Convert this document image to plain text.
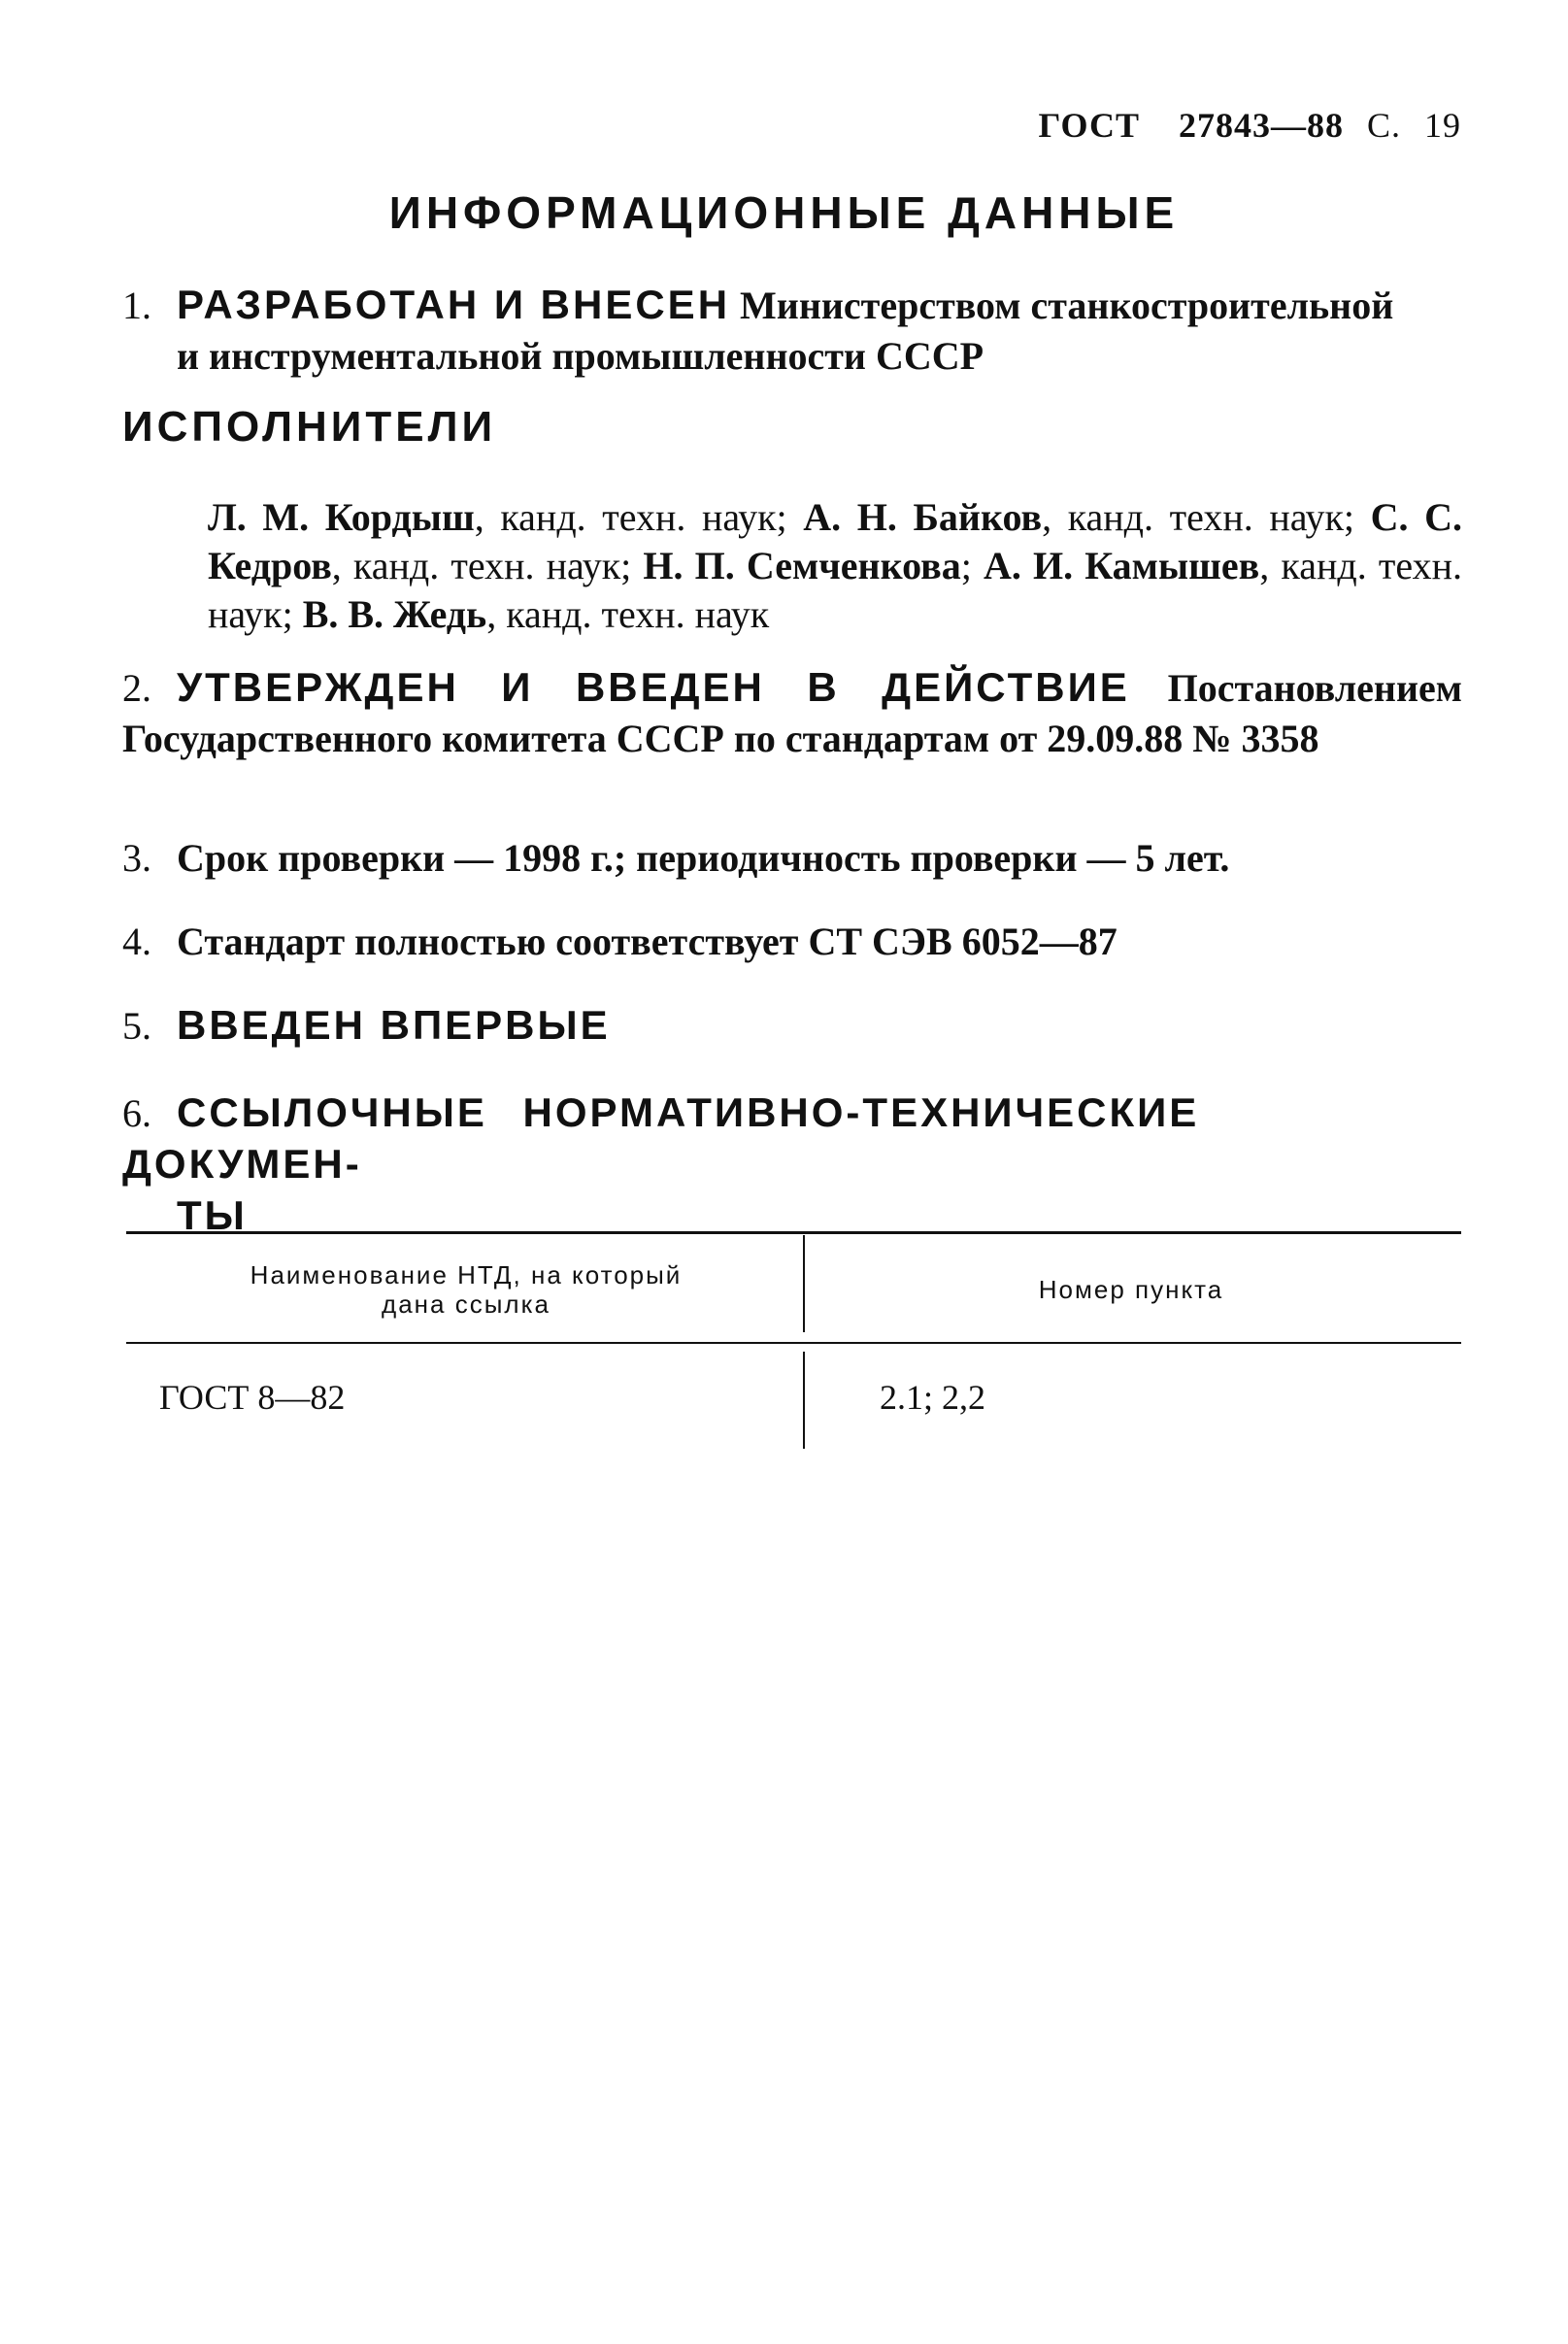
ГОСТ 27843—88 С. 19
ИНФОРМАЦИОННЫЕ ДАННЫЕ
1. РАЗРАБОТАН И ВНЕСЕН Министерством станкостроительной
и инструментальной промышленности СССР
ИСПОЛНИТЕЛИ
Л. М. Кордыш, канд. техн. наук; А. Н. Байков, канд. техн. наук; С. С. Кедров, канд. техн. наук; Н. П. Семченкова; А. И. Камышев, канд. техн. наук; В. В. Жедь, канд. техн. наук
2. УТВЕРЖДЕН И ВВЕДЕН В ДЕЙСТВИЕ Постановлением Государственного комитета СССР по стандартам от 29.09.88 № 3358
3. Срок проверки — 1998 г.; периодичность проверки — 5 лет.
4. Стандарт полностью соответствует СТ СЭВ 6052—87
5. ВВЕДЕН ВПЕРВЫЕ
6. ССЫЛОЧНЫЕ НОРМАТИВНО-ТЕХНИЧЕСКИЕ ДОКУМЕН-
ТЫ
Наименование НТД, на который
дана ссылка	Номер пункта
ГОСТ 8—82	2.1; 2,2
